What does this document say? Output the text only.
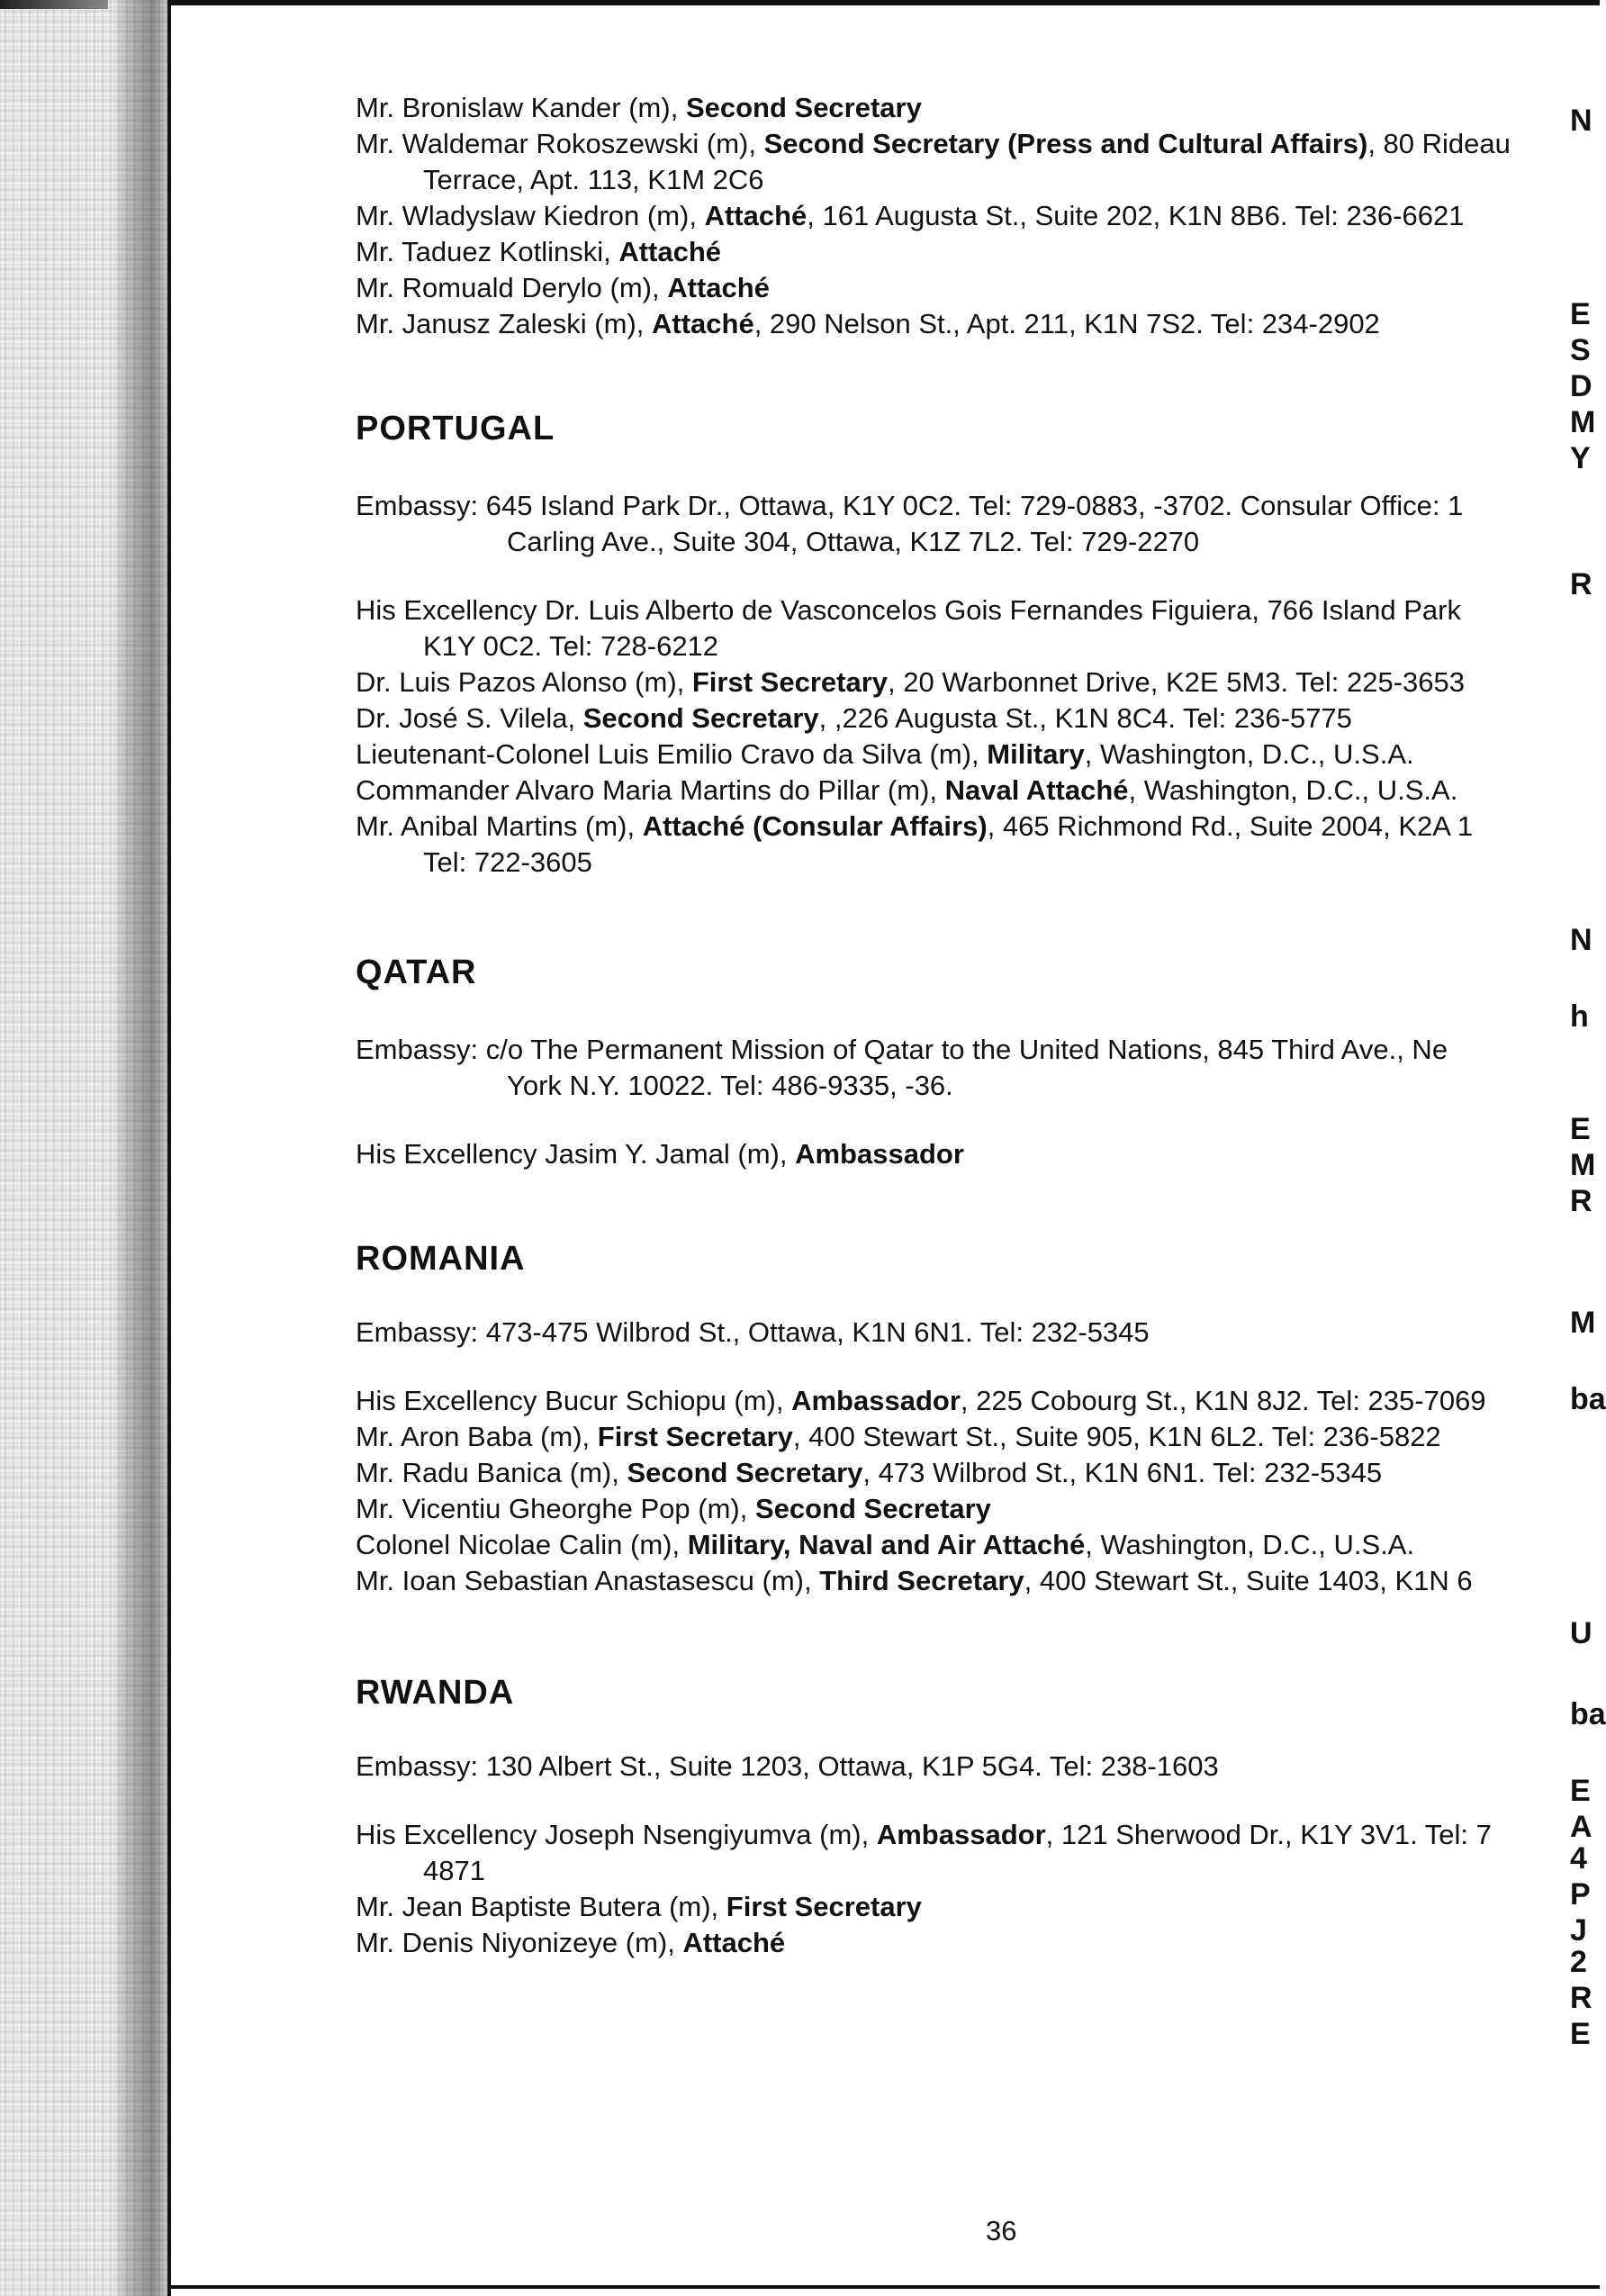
Mr. Bronislaw Kander (m), Second Secretary
Mr. Waldemar Rokoszewski (m), Second Secretary (Press and Cultural Affairs), 80 Rideau
Terrace, Apt. 113, K1M 2C6
Mr. Wladyslaw Kiedron (m), Attaché, 161 Augusta St., Suite 202, K1N 8B6. Tel: 236-6621
Mr. Taduez Kotlinski, Attaché
Mr. Romuald Derylo (m), Attaché
Mr. Janusz Zaleski (m), Attaché, 290 Nelson St., Apt. 211, K1N 7S2. Tel: 234-2902
PORTUGAL
Embassy: 645 Island Park Dr., Ottawa, K1Y 0C2. Tel: 729-0883, -3702. Consular Office: 1
Carling Ave., Suite 304, Ottawa, K1Z 7L2. Tel: 729-2270
His Excellency Dr. Luis Alberto de Vasconcelos Gois Fernandes Figuiera, 766 Island Park
K1Y 0C2. Tel: 728-6212
Dr. Luis Pazos Alonso (m), First Secretary, 20 Warbonnet Drive, K2E 5M3. Tel: 225-3653
Dr. José S. Vilela, Second Secretary, ,226 Augusta St., K1N 8C4. Tel: 236-5775
Lieutenant-Colonel Luis Emilio Cravo da Silva (m), Military, Washington, D.C., U.S.A.
Commander Alvaro Maria Martins do Pillar (m), Naval Attaché, Washington, D.C., U.S.A.
Mr. Anibal Martins (m), Attaché (Consular Affairs), 465 Richmond Rd., Suite 2004, K2A 1
Tel: 722-3605
QATAR
Embassy: c/o The Permanent Mission of Qatar to the United Nations, 845 Third Ave., Ne
York N.Y. 10022. Tel: 486-9335, -36.
His Excellency Jasim Y. Jamal (m), Ambassador
ROMANIA
Embassy: 473-475 Wilbrod St., Ottawa, K1N 6N1. Tel: 232-5345
His Excellency Bucur Schiopu (m), Ambassador, 225 Cobourg St., K1N 8J2. Tel: 235-7069
Mr. Aron Baba (m), First Secretary, 400 Stewart St., Suite 905, K1N 6L2. Tel: 236-5822
Mr. Radu Banica (m), Second Secretary, 473 Wilbrod St., K1N 6N1. Tel: 232-5345
Mr. Vicentiu Gheorghe Pop (m), Second Secretary
Colonel Nicolae Calin (m), Military, Naval and Air Attaché, Washington, D.C., U.S.A.
Mr. Ioan Sebastian Anastasescu (m), Third Secretary, 400 Stewart St., Suite 1403, K1N 6
RWANDA
Embassy: 130 Albert St., Suite 1203, Ottawa, K1P 5G4. Tel: 238-1603
His Excellency Joseph Nsengiyumva (m), Ambassador, 121 Sherwood Dr., K1Y 3V1. Tel: 7
4871
Mr. Jean Baptiste Butera (m), First Secretary
Mr. Denis Niyonizeye (m), Attaché
36
N
E
S
D
M
Y
R
N
h
E
M
R
M
ba
U
ba
E
A
4
P
J
2
R
E
